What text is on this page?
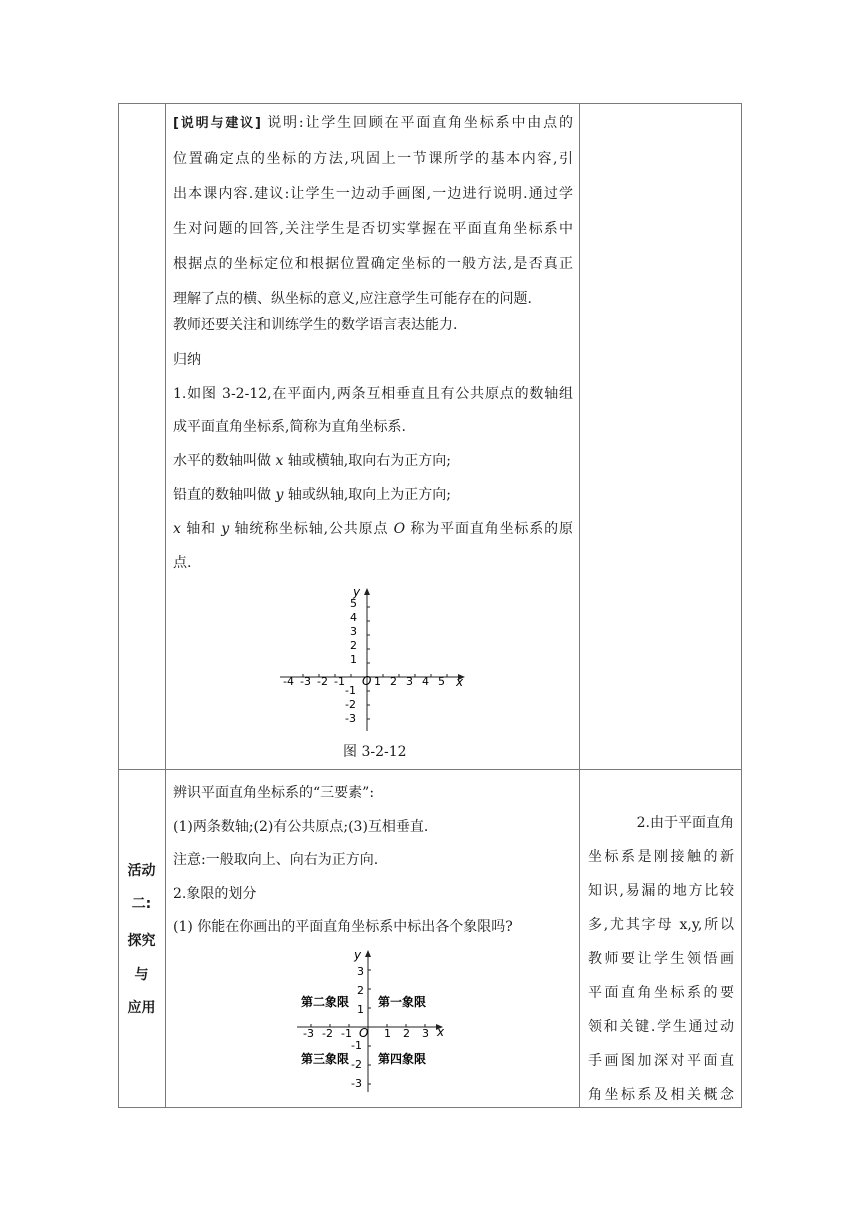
[说明与建议] 说明:让学生回顾在平面直角坐标系中由点的
位置确定点的坐标的方法,巩固上一节课所学的基本内容,引
出本课内容.建议:让学生一边动手画图,一边进行说明.通过学
生对问题的回答,关注学生是否切实掌握在平面直角坐标系中
根据点的坐标定位和根据位置确定坐标的一般方法,是否真正
理解了点的横、纵坐标的意义,应注意学生可能存在的问题.
教师还要关注和训练学生的数学语言表达能力.
归纳
1.如图 3-2-12,在平面内,两条互相垂直且有公共原点的数轴组
成平面直角坐标系,简称为直角坐标系.
水平的数轴叫做 x 轴或横轴,取向右为正方向;
铅直的数轴叫做 y 轴或纵轴,取向上为正方向;
x 轴和 y 轴统称坐标轴,公共原点 O 称为平面直角坐标系的原
点.
x
y
O
-4 -3 -2 -1	1 2 3 4 5
5
4
3
2
1
-1
-2
-3
图 3-2-12
活动
二:
探究
与
应用
辨识平面直角坐标系的“三要素”:
(1)两条数轴;(2)有公共原点;(3)互相垂直.
注意:一般取向上、向右为正方向.
2.象限的划分
(1) 你能在你画出的平面直角坐标系中标出各个象限吗?
x
y
O
-3 -2 -1	1 2 3
3
2
1
-1
-2
-3
第二象限 第一象限
第三象限 第四象限
2.由于平面直角
坐标系是刚接触的新
知识,易漏的地方比较
多,尤其字母 x,y,所以
教师要让学生领悟画
平面直角坐标系的要
领和关键.学生通过动
手画图加深对平面直
角坐标系及相关概念
